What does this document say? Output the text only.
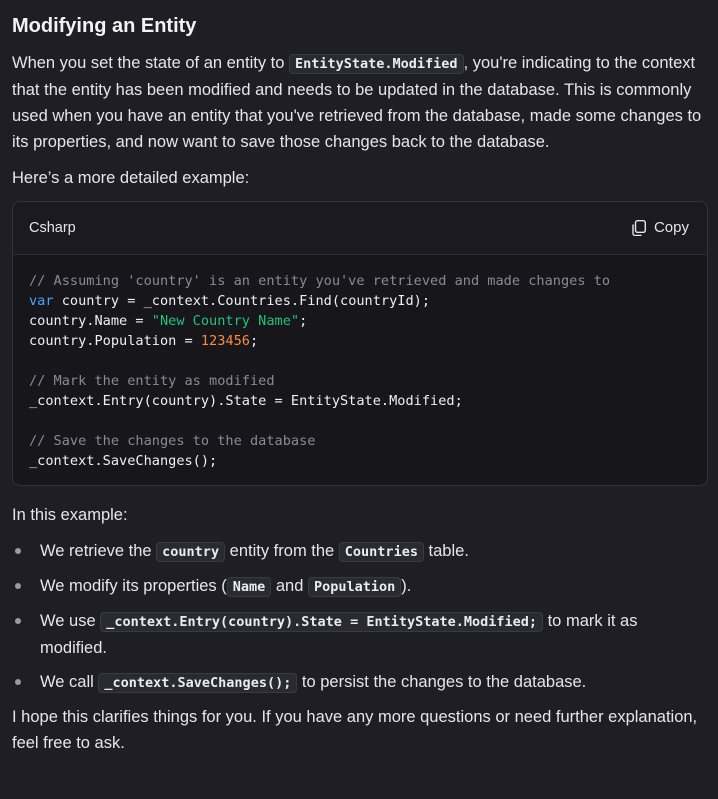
Modifying an Entity

When you set the state of an entity to EntityState.Modified , you're indicating to the context that the entity has been modified and needs to be updated in the database. This is commonly used when you have an entity that you've retrieved from the database, made some changes to its properties, and now want to save those changes back to the database.

Here’s a more detailed example:

Csharp	Copy
// Assuming 'country' is an entity you've retrieved and made changes to
var country = _context.Countries.Find(countryId);
country.Name = "New Country Name";
country.Population = 123456;

// Mark the entity as modified
_context.Entry(country).State = EntityState.Modified;

// Save the changes to the database
_context.SaveChanges();

In this example:

We retrieve the country entity from the Countries table.
We modify its properties ( Name and Population ).
We use _context.Entry(country).State = EntityState.Modified; to mark it as modified.
We call _context.SaveChanges(); to persist the changes to the database.

I hope this clarifies things for you. If you have any more questions or need further explanation, feel free to ask.
